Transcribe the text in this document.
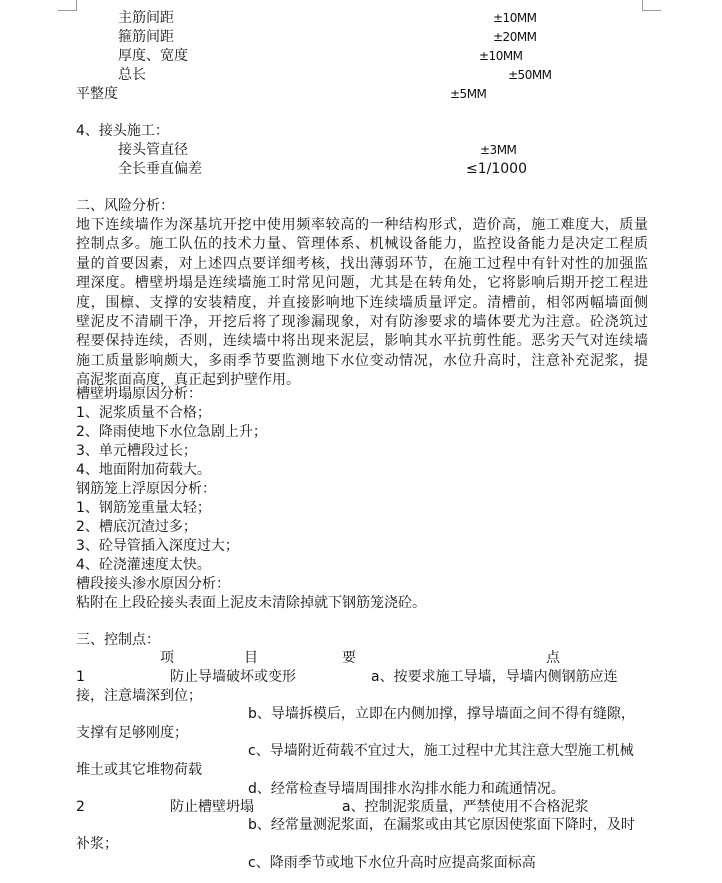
主筋间距	±10MM
箍筋间距	±20MM
厚度、宽度	±10MM
总长	±50MM
平整度	±5MM
4、接头施工：
接头管直径	±3MM
全长垂直偏差	≤1/1000
二、风险分析：
地下连续墙作为深基坑开挖中使用频率较高的一种结构形式，造价高，施工难度大，质量
控制点多。施工队伍的技术力量、管理体系、机械设备能力，监控设备能力是决定工程质
量的首要因素，对上述四点要详细考核，找出薄弱环节，在施工过程中有针对性的加强监
理深度。槽壁坍塌是连续墙施工时常见问题，尤其是在转角处，它将影响后期开挖工程进
度，围檩、支撑的安装精度，并直接影响地下连续墙质量评定。清槽前，相邻两幅墙面侧
壁泥皮不清刷干净，开挖后将了现渗漏现象，对有防渗要求的墙体要尤为注意。砼浇筑过
程要保持连续，否则，连续墙中将出现来泥层，影响其水平抗剪性能。恶劣天气对连续墙
施工质量影响颇大，多雨季节要监测地下水位变动情况，水位升高时，注意补充泥浆，提
高泥浆面高度，真正起到护壁作用。
槽壁坍塌原因分析：
1、泥浆质量不合格；
2、降雨使地下水位急剧上升；
3、单元槽段过长；
4、地面附加荷载大。
钢筋笼上浮原因分析：
1、钢筋笼重量太轻；
2、槽底沉渣过多；
3、砼导管插入深度过大；
4、砼浇灌速度太快。
槽段接头渗水原因分析：
粘附在上段砼接头表面上泥皮未清除掉就下钢筋笼浇砼。
三、控制点：
项	目	要	点
1	防止导墙破坏或变形	a、按要求施工导墙，导墙内侧钢筋应连
接，注意墙深到位；
b、导墙拆模后，立即在内侧加撑，撑导墙面之间不得有缝隙，
支撑有足够刚度；
c、导墙附近荷载不宜过大，施工过程中尤其注意大型施工机械
堆土或其它堆物荷载
d、经常检查导墙周围排水沟排水能力和疏通情况。
2	防止槽壁坍塌	a、控制泥浆质量，严禁使用不合格泥浆
b、经常量测泥浆面，在漏浆或由其它原因使浆面下降时，及时
补浆；
c、降雨季节或地下水位升高时应提高浆面标高
